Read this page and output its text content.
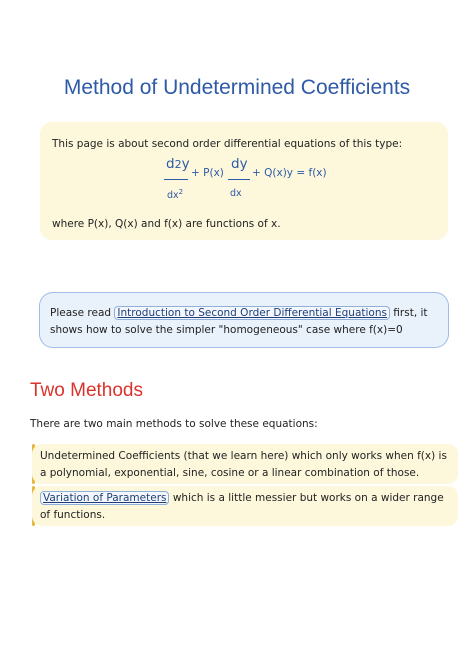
Method of Undetermined Coefficients
This page is about second order differential equations of this type:
d2y
$dx^2$
+ P(x)
dy
dx
+ Q(x)y = f(x)
where P(x), Q(x) and f(x) are functions of x.
Please read Introduction to Second Order Differential Equations first, it shows how to solve the simpler "homogeneous" case where f(x)=0
Two Methods
There are two main methods to solve these equations:
Undetermined Coefficients (that we learn here) which only works when f(x) is a polynomial, exponential, sine, cosine or a linear combination of those.
Variation of Parameters which is a little messier but works on a wider range of functions.
